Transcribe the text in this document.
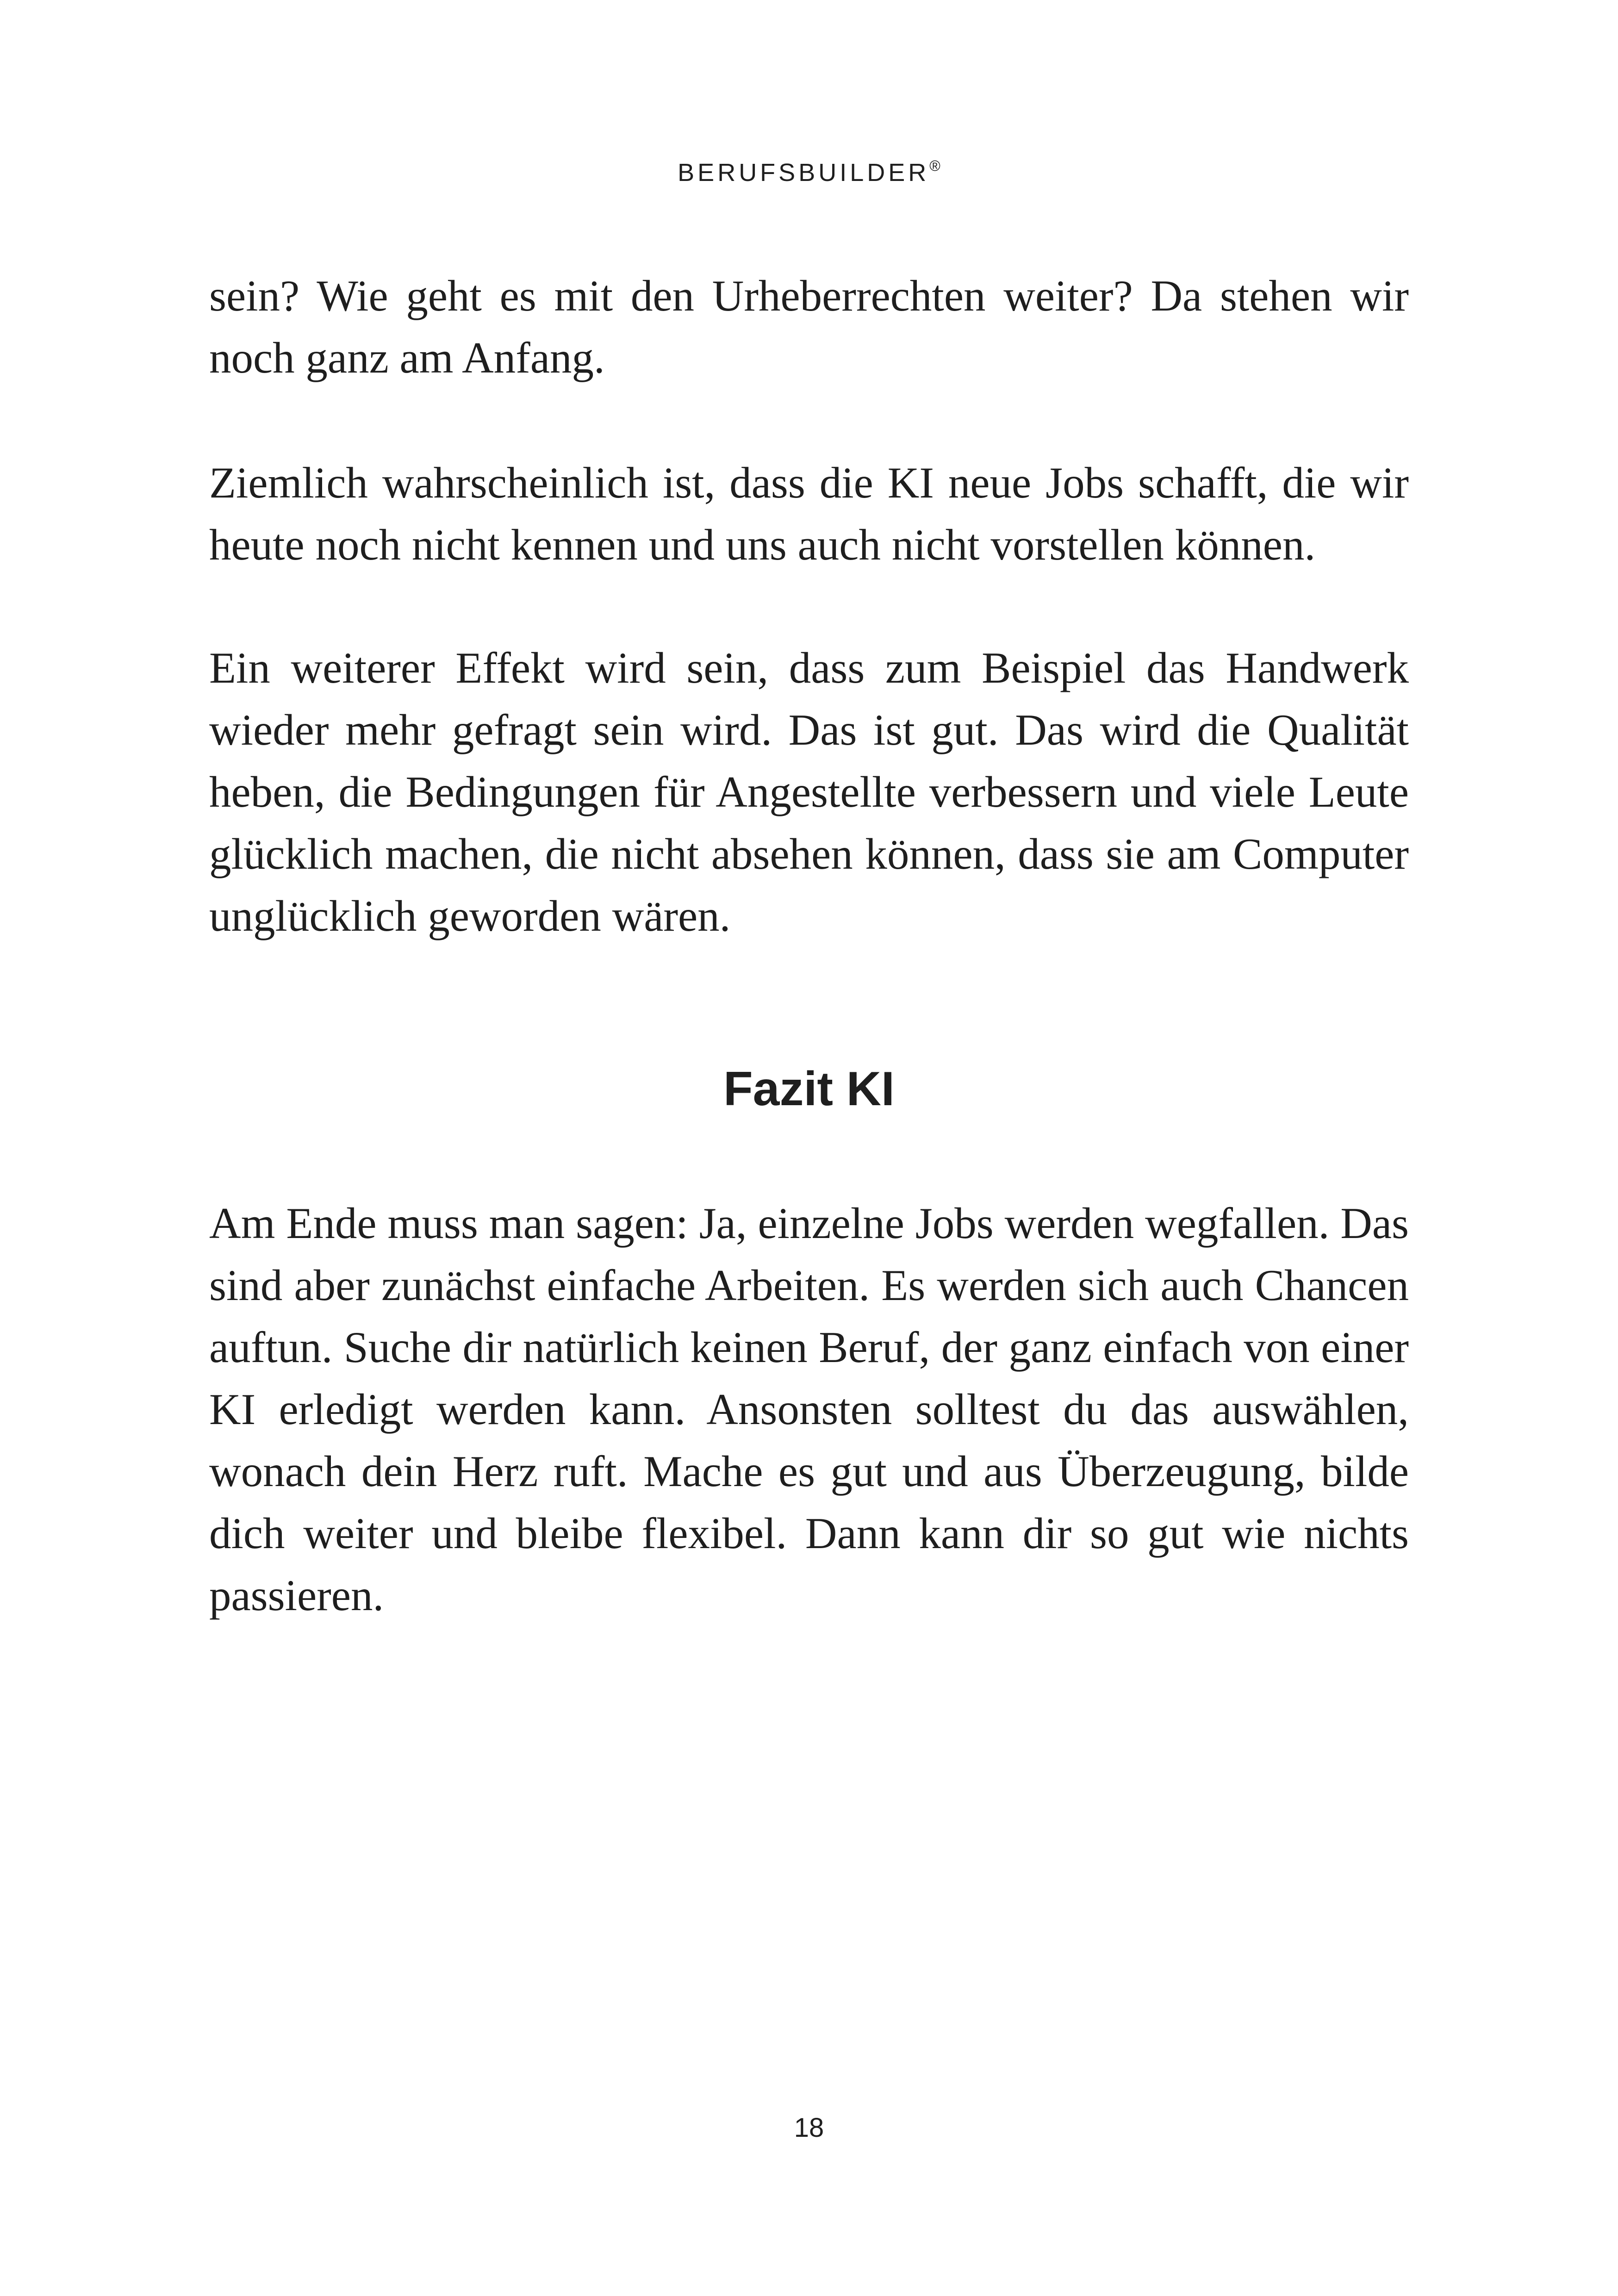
BERUFSBUILDER®

sein? Wie geht es mit den Urheberrechten weiter? Da stehen wir noch ganz am Anfang.

Ziemlich wahrscheinlich ist, dass die KI neue Jobs schafft, die wir heute noch nicht kennen und uns auch nicht vorstellen können.

Ein weiterer Effekt wird sein, dass zum Beispiel das Handwerk wieder mehr gefragt sein wird. Das ist gut. Das wird die Qualität heben, die Bedingungen für Angestellte verbessern und viele Leute glücklich machen, die nicht absehen können, dass sie am Computer unglücklich geworden wären.

Fazit KI

Am Ende muss man sagen: Ja, einzelne Jobs werden wegfallen. Das sind aber zunächst einfache Arbeiten. Es werden sich auch Chancen auftun. Suche dir natürlich keinen Beruf, der ganz einfach von einer KI erledigt werden kann. Ansonsten solltest du das auswählen, wonach dein Herz ruft. Mache es gut und aus Überzeugung, bilde dich weiter und bleibe flexibel. Dann kann dir so gut wie nichts passieren.

18
